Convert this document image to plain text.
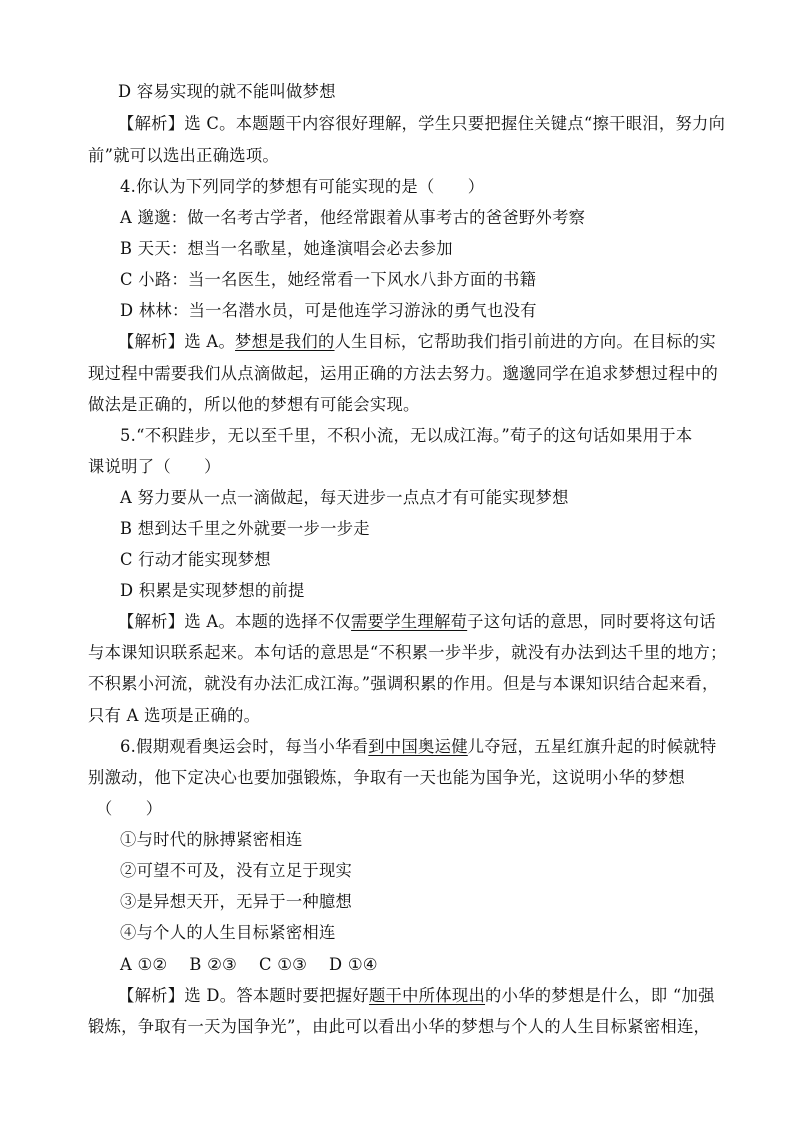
D 容易实现的就不能叫做梦想
【解析】选 C。本题题干内容很好理解，学生只要把握住关键点“擦干眼泪，努力向
前”就可以选出正确选项。
4.你认为下列同学的梦想有可能实现的是（　　）
A 邈邈：做一名考古学者，他经常跟着从事考古的爸爸野外考察
B 天天：想当一名歌星，她逢演唱会必去参加
C 小路：当一名医生，她经常看一下风水八卦方面的书籍
D 林林：当一名潜水员，可是他连学习游泳的勇气也没有
【解析】选 A。梦想是我们的人生目标，它帮助我们指引前进的方向。在目标的实
现过程中需要我们从点滴做起，运用正确的方法去努力。邈邈同学在追求梦想过程中的
做法是正确的，所以他的梦想有可能会实现。
5.“不积跬步，无以至千里，不积小流，无以成江海。”荀子的这句话如果用于本
课说明了（　　）
A 努力要从一点一滴做起，每天进步一点点才有可能实现梦想
B 想到达千里之外就要一步一步走
C 行动才能实现梦想
D 积累是实现梦想的前提
【解析】选 A。本题的选择不仅需要学生理解荀子这句话的意思，同时要将这句话
与本课知识联系起来。本句话的意思是“不积累一步半步，就没有办法到达千里的地方；
不积累小河流，就没有办法汇成江海。”强调积累的作用。但是与本课知识结合起来看，
只有 A 选项是正确的。
6.假期观看奥运会时，每当小华看到中国奥运健儿夺冠，五星红旗升起的时候就特
别激动，他下定决心也要加强锻炼，争取有一天也能为国争光，这说明小华的梦想
（　　）
①与时代的脉搏紧密相连
②可望不可及，没有立足于现实
③是异想天开，无异于一种臆想
④与个人的人生目标紧密相连
A ①②　 B ②③　 C ①③　 D ①④
【解析】选 D。答本题时要把握好题干中所体现出的小华的梦想是什么，即 “加强
锻炼，争取有一天为国争光”，由此可以看出小华的梦想与个人的人生目标紧密相连，
